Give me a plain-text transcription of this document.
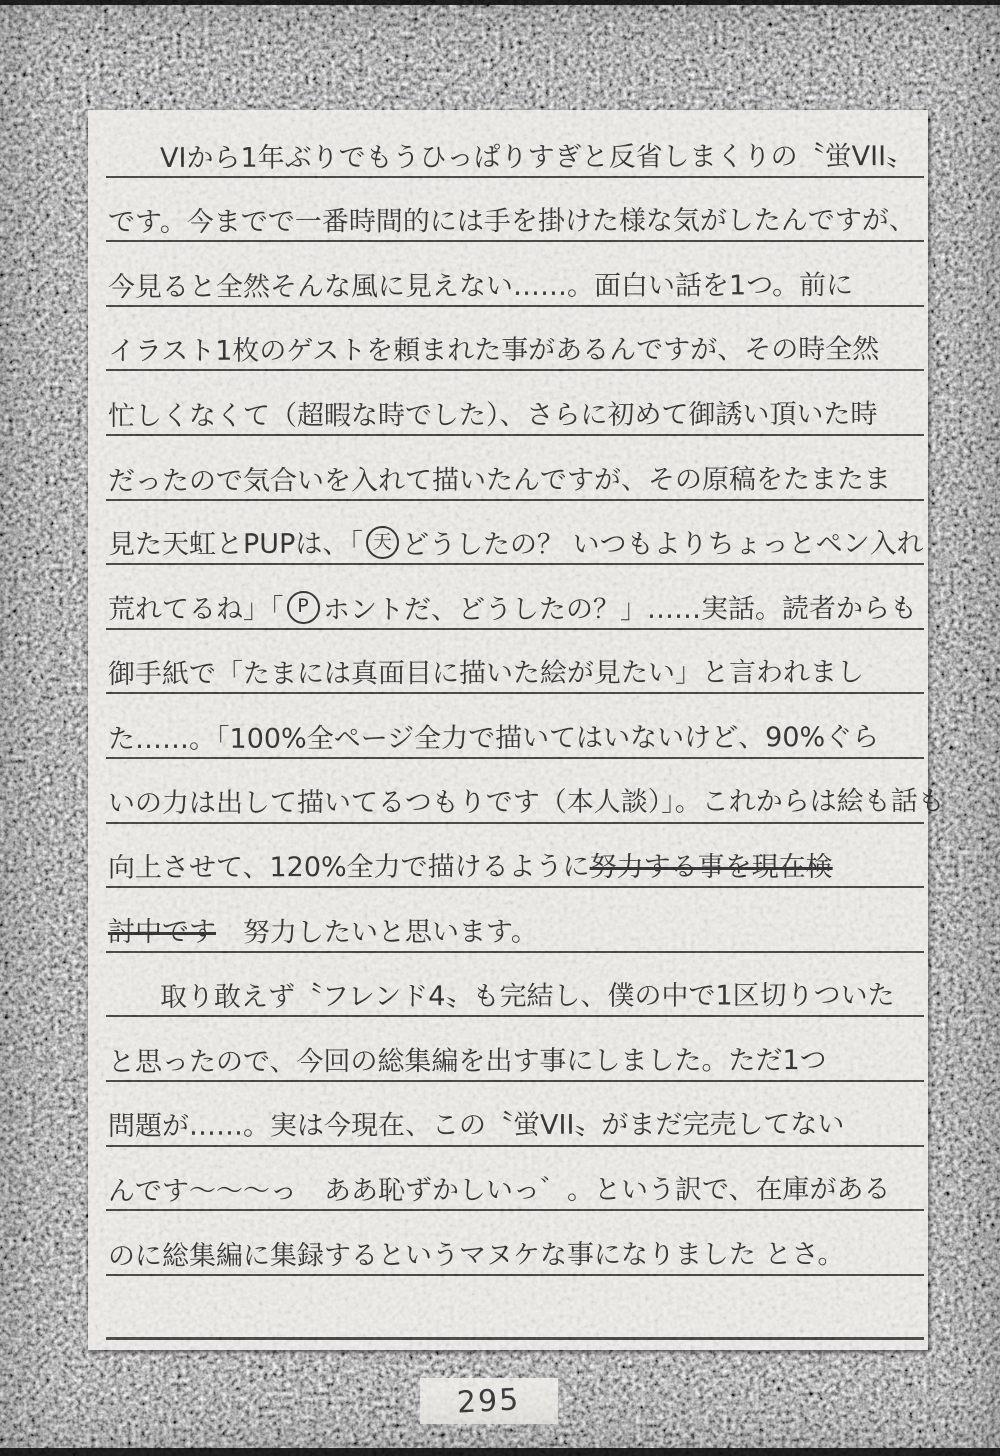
VIから1年ぶりでもうひっぱりすぎと反省しまくりの〝蛍VII〟
です。今までで一番時間的には手を掛けた様な気がしたんですが、
今見ると全然そんな風に見えない……。面白い話を1つ。前に
イラスト1枚のゲストを頼まれた事があるんですが、その時全然
忙しくなくて（超暇な時でした）、さらに初めて御誘い頂いた時
だったので気合いを入れて描いたんですが、その原稿をたまたま
見た天虹とPUPは、「 天 どうしたの？ いつもよりちょっとペン入れ
荒れてるね」「 P ホントだ、どうしたの？」……実話。読者からも
御手紙で「たまには真面目に描いた絵が見たい」と言われまし
た……。「100%全ページ全力で描いてはいないけど、90%ぐら
いの力は出して描いてるつもりです（本人談）」。これからは絵も話も
向上させて、120%全力で描けるように 努力する事を現在検
討中です 　努力したいと思います。
取り敢えず〝フレンド4〟も完結し、僕の中で1区切りついた
と思ったので、今回の総集編を出す事にしました。ただ1つ
問題が……。実は今現在、この〝蛍VII〟がまだ完売してない
んです〜〜〜っ　ああ恥ずかしいっ゛。という訳で、在庫がある
のに総集編に集録するというマヌケな事になりました とさ。
295
